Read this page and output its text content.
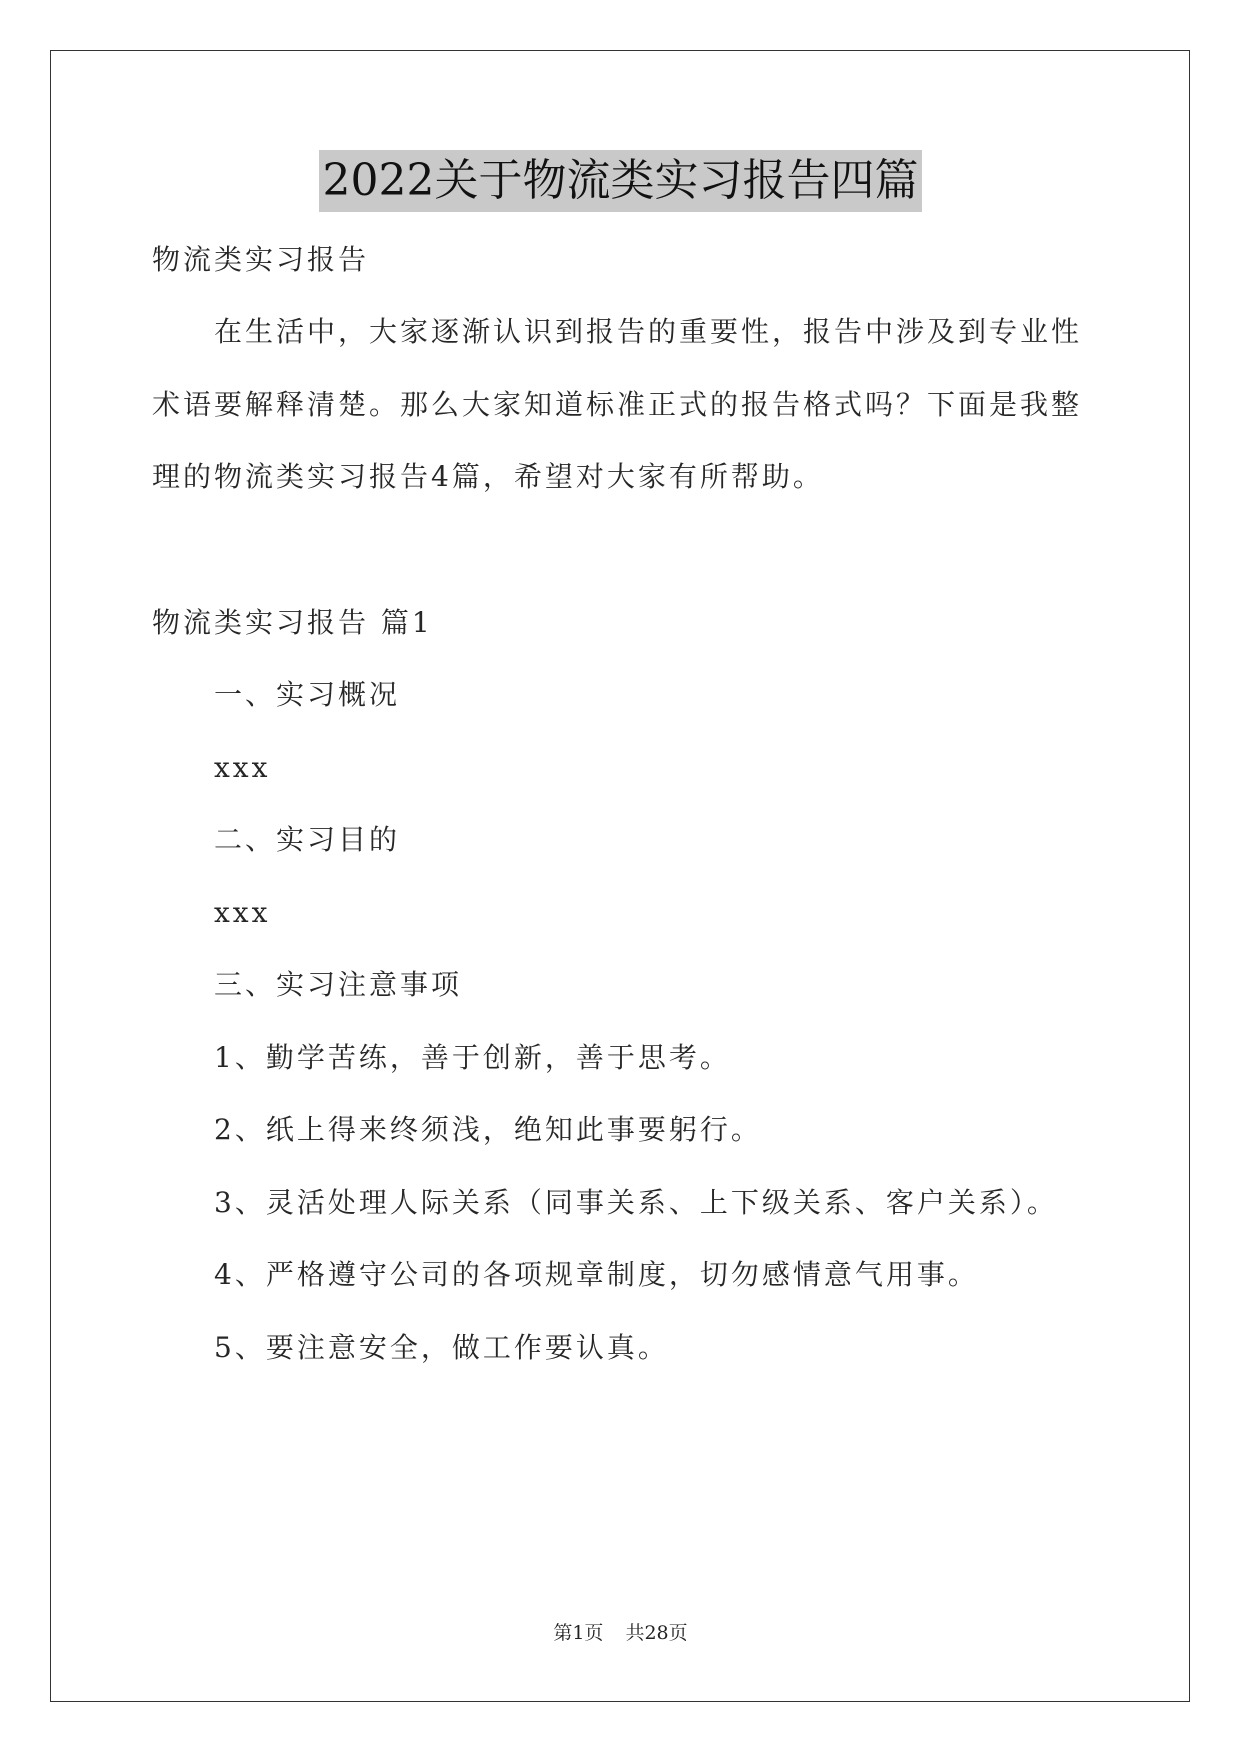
2022关于物流类实习报告四篇
物流类实习报告
在生活中，大家逐渐认识到报告的重要性，报告中涉及到专业性
术语要解释清楚。那么大家知道标准正式的报告格式吗？下面是我整
理的物流类实习报告4篇，希望对大家有所帮助。
物流类实习报告 篇1
一、实习概况
xxx
二、实习目的
xxx
三、实习注意事项
1、勤学苦练，善于创新，善于思考。
2、纸上得来终须浅，绝知此事要躬行。
3、灵活处理人际关系（同事关系、上下级关系、客户关系）。
4、严格遵守公司的各项规章制度，切勿感情意气用事。
5、要注意安全，做工作要认真。
第1页 共28页
